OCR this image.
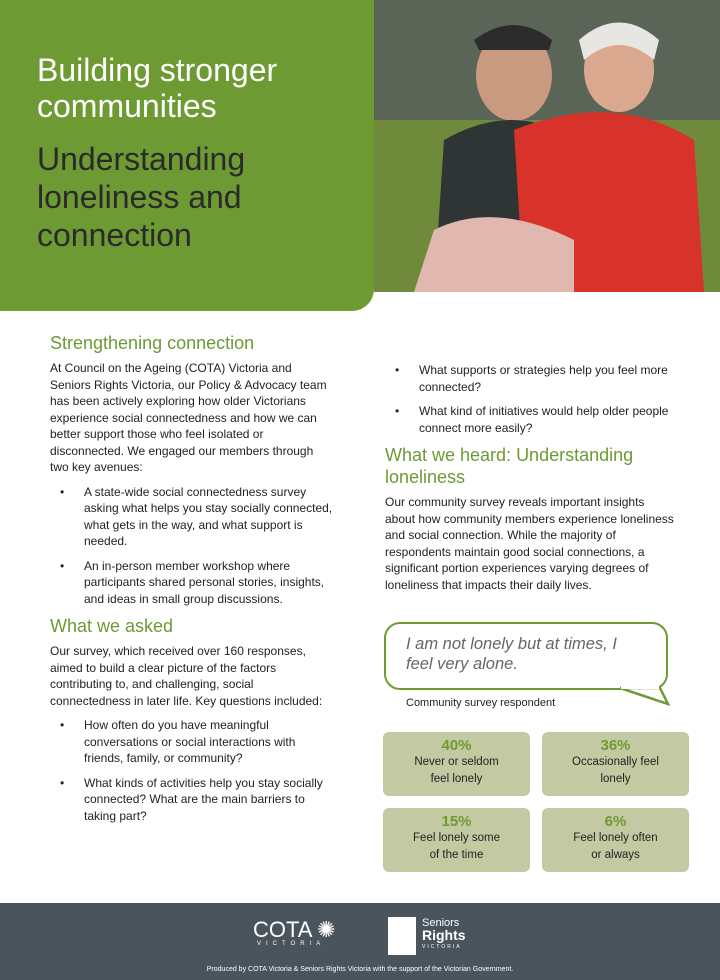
Building stronger communities
Understanding loneliness and connection
Strengthening connection

At Council on the Ageing (COTA) Victoria and Seniors Rights Victoria, our Policy & Advocacy team has been actively exploring how older Victorians experience social connectedness and how we can better support those who feel isolated or disconnected. We engaged our members through two key avenues:

• A state-wide social connectedness survey asking what helps you stay socially connected, what gets in the way, and what support is needed.
• An in-person member workshop where participants shared personal stories, insights, and ideas in small group discussions.
What we asked

Our survey, which received over 160 responses, aimed to build a clear picture of the factors contributing to, and challenging, social connectedness in later life. Key questions included:

• How often do you have meaningful conversations or social interactions with friends, family, or community?
• What kinds of activities help you stay socially connected? What are the main barriers to taking part?
• What supports or strategies help you feel more connected?
• What kind of initiatives would help older people connect more easily?
What we heard: Understanding loneliness

Our community survey reveals important insights about how community members experience loneliness and social connection. While the majority of respondents maintain good social connections, a significant portion experiences varying degrees of loneliness that impacts their daily lives.

I am not lonely but at times, I feel very alone.
Community survey respondent
40%
Never or seldom feel lonely
36%
Occasionally feel lonely
15%
Feel lonely some of the time
6%
Feel lonely often or always
COTA ✺
VICTORIA
Seniors
Rights
VICTORIA
Produced by COTA Victoria & Seniors Rights Victoria with the support of the Victorian Government.
